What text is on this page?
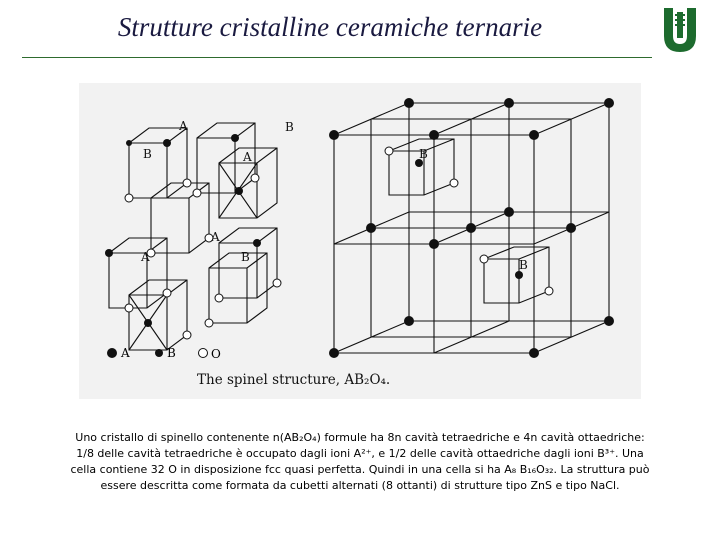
Strutture cristalline ceramiche ternarie
A	B
B	A
A	B
A
B
B
A	B	O
The spinel structure, AB₂O₄.

Uno cristallo di spinello contenente n(AB₂O₄) formule ha 8n cavità tetraedriche e 4n cavità ottaedriche:

1/8 delle cavità tetraedriche è occupato dagli ioni A²⁺, e 1/2 delle cavità ottaedriche dagli ioni B³⁺. Una

cella contiene 32 O in disposizione fcc quasi perfetta. Quindi in una cella si ha A₈ B₁₆O₃₂. La struttura può

essere descritta come formata da cubetti alternati (8 ottanti) di strutture tipo ZnS e tipo NaCl.
